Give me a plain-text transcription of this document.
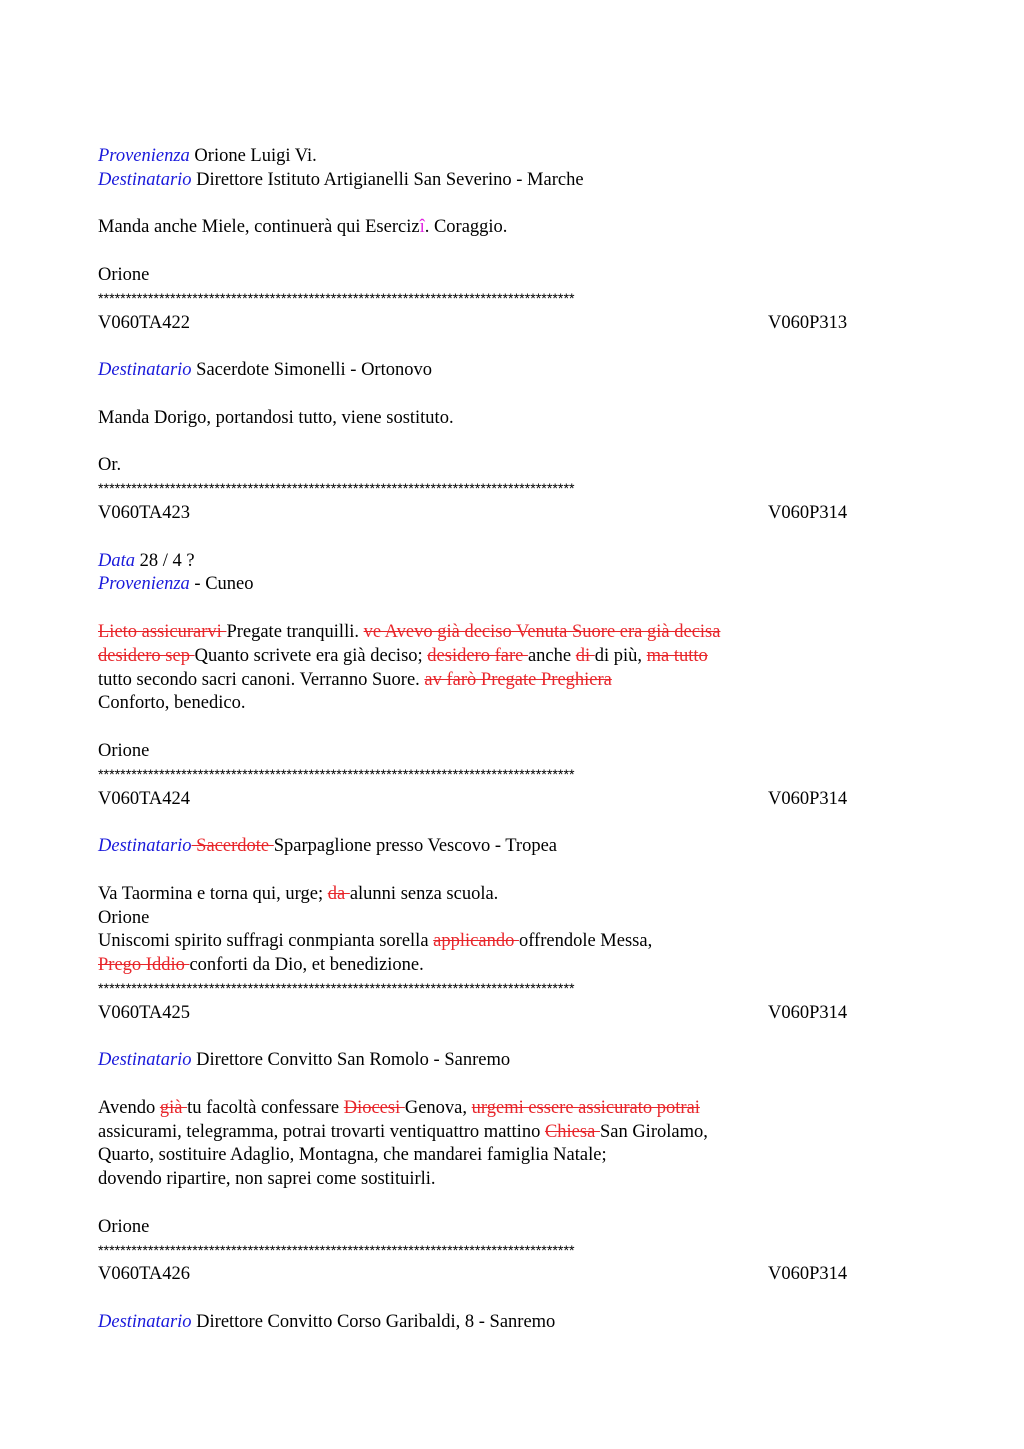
Provenienza Orione Luigi Vi.
Destinatario Direttore Istituto Artigianelli San Severino - Marche
Manda anche Miele, continuerà qui Esercizî. Coraggio.
Orione
**************************************************************************************
V060TA422	V060P313
Destinatario Sacerdote Simonelli - Ortonovo
Manda Dorigo, portandosi tutto, viene sostituto.
Or.
**************************************************************************************
V060TA423	V060P314
Data 28 / 4 ?
Provenienza - Cuneo
Lieto assicurarvi Pregate tranquilli. ve Avevo già deciso Venuta Suore era già decisa
desidero sep Quanto scrivete era già deciso; desidero fare anche di di più, ma tutto
tutto secondo sacri canoni. Verranno Suore. av farò Pregate Preghiera
Conforto, benedico.
Orione
**************************************************************************************
V060TA424	V060P314
Destinatario Sacerdote Sparpaglione presso Vescovo - Tropea
Va Taormina e torna qui, urge; da alunni senza scuola.
Orione
Uniscomi spirito suffragi conmpianta sorella applicando offrendole Messa,
Prego Iddio conforti da Dio, et benedizione.
**************************************************************************************
V060TA425	V060P314
Destinatario Direttore Convitto San Romolo - Sanremo
Avendo già tu facoltà confessare Diocesi Genova, urgemi essere assicurato potrai
assicurami, telegramma, potrai trovarti ventiquattro mattino Chiesa San Girolamo,
Quarto, sostituire Adaglio, Montagna, che mandarei famiglia Natale;
dovendo ripartire, non saprei come sostituirli.
Orione
**************************************************************************************
V060TA426	V060P314
Destinatario Direttore Convitto Corso Garibaldi, 8 - Sanremo
